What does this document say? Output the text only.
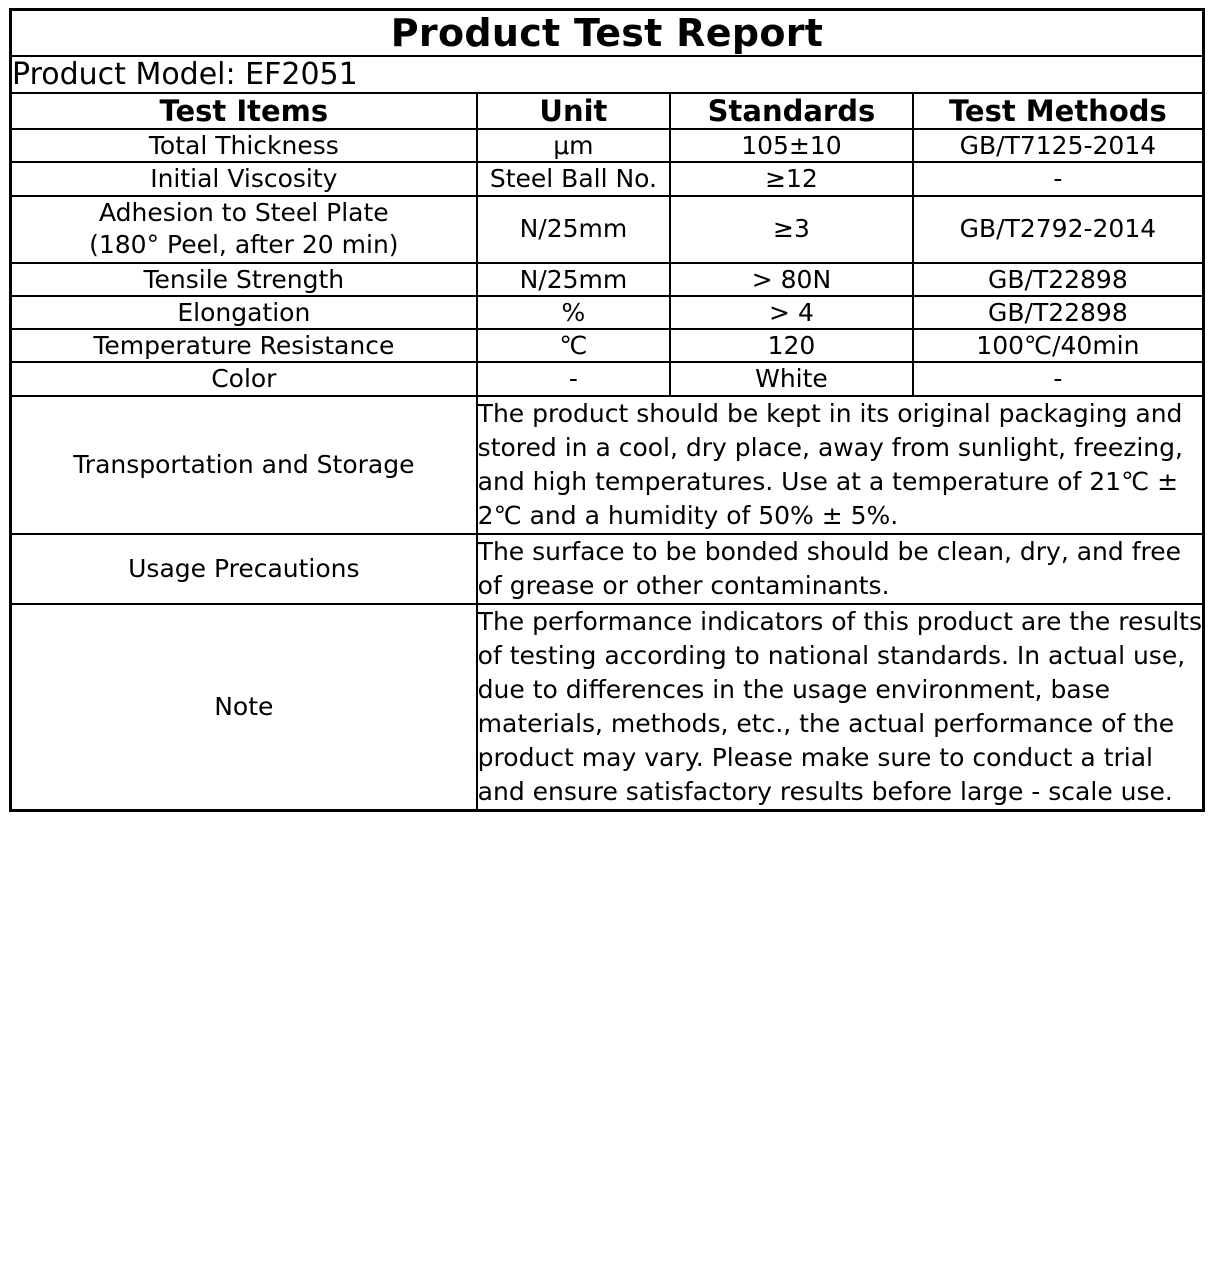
Product Test Report			
Product Model: EF2051			
Test Items	Unit	Standards	Test Methods
Total Thickness	μm	105±10	GB/T7125-2014
Initial Viscosity	Steel Ball No.	≥12	-

Adhesion to Steel Plate
(180° Peel, after 20 min)	N/25mm	≥3	GB/T2792-2014
Tensile Strength	N/25mm	> 80N	GB/T22898
Elongation	%	> 4	GB/T22898
Temperature Resistance	℃	120	100℃/40min
Color	-	White	-
Transportation and Storage	The product should be kept in its original packaging and stored in a cool, dry place, away from sunlight, freezing, and high temperatures. Use at a temperature of 21℃ ± 2℃ and a humidity of 50% ± 5%.		
Usage Precautions	The surface to be bonded should be clean, dry, and free of grease or other contaminants.		
Note	The performance indicators of this product are the results of testing according to national standards. In actual use, due to differences in the usage environment, base materials, methods, etc., the actual performance of the product may vary. Please make sure to conduct a trial and ensure satisfactory results before large - scale use.		
